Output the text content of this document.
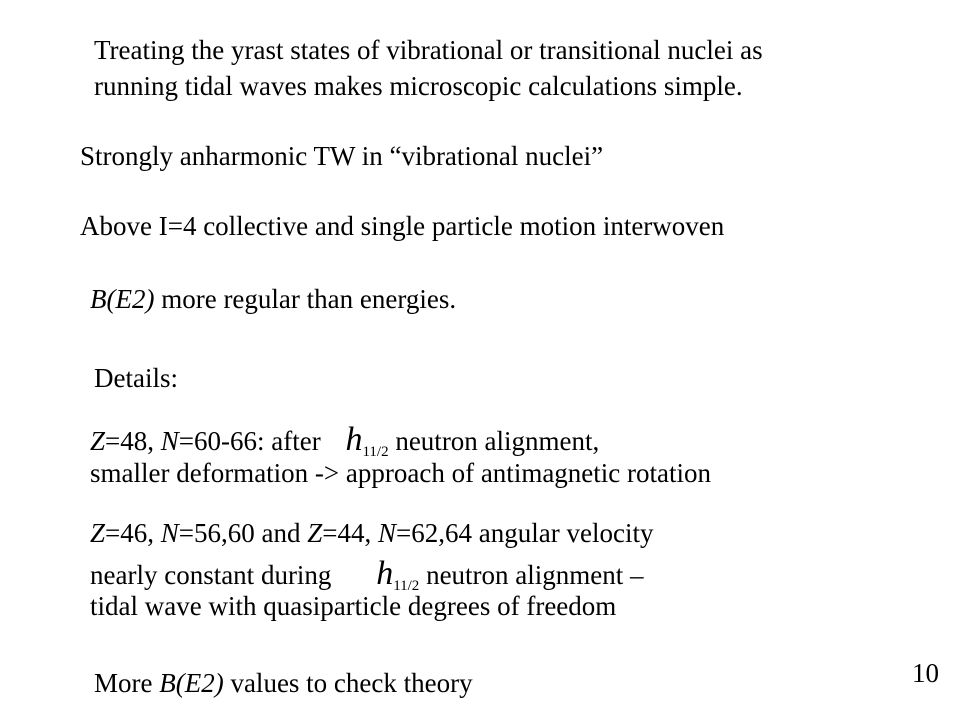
Treating the yrast states of vibrational or transitional nuclei as
running tidal waves makes microscopic calculations simple.
Strongly anharmonic TW in “vibrational nuclei”
Above I=4 collective and single particle motion interwoven
B(E2) more regular than energies.
Details:
Z=48, N=60-66: after $h_{11/2}$ neutron alignment,
smaller deformation -> approach of antimagnetic rotation
Z=46, N=56,60 and Z=44, N=62,64 angular velocity
nearly constant during $h_{11/2}$ neutron alignment –
tidal wave with quasiparticle degrees of freedom
More B(E2) values to check theory	10
